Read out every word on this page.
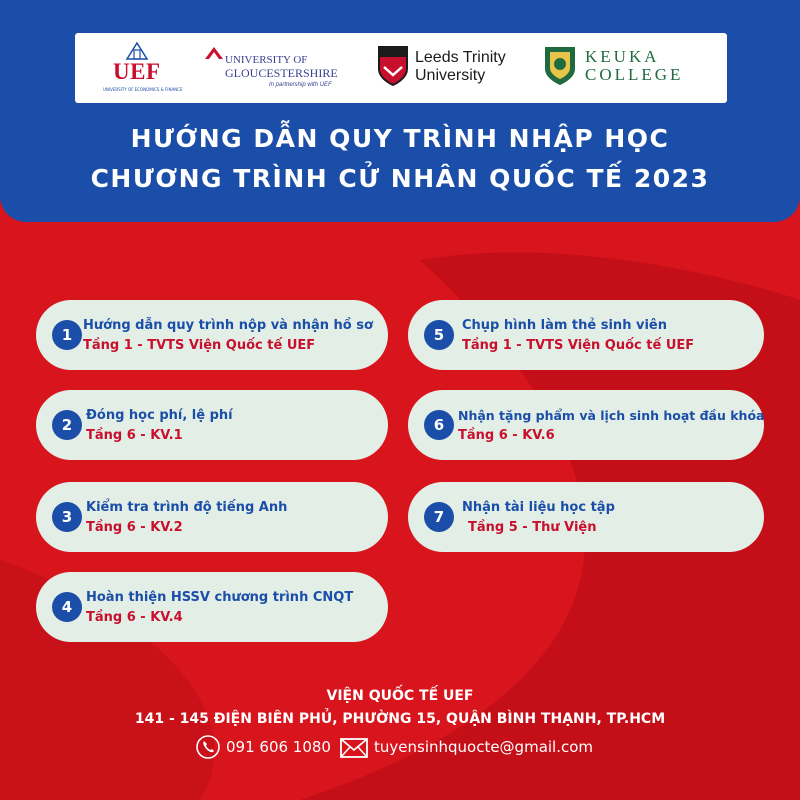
UEF
UNIVERSITY OF ECONOMICS & FINANCE
UNIVERSITY OF
GLOUCESTERSHIRE
In partnership with UEF
Leeds Trinity
University
KEUKA
COLLEGE
HƯỚNG DẪN QUY TRÌNH NHẬP HỌC
CHƯƠNG TRÌNH CỬ NHÂN QUỐC TẾ 2023
1
Hướng dẫn quy trình nộp và nhận hồ sơ
Tầng 1 - TVTS Viện Quốc tế UEF
2
Đóng học phí, lệ phí
Tầng 6 - KV.1
3
Kiểm tra trình độ tiếng Anh
Tầng 6 - KV.2
4
Hoàn thiện HSSV chương trình CNQT
Tầng 6 - KV.4
5
Chụp hình làm thẻ sinh viên
Tầng 1 - TVTS Viện Quốc tế UEF
6
Nhận tặng phẩm và lịch sinh hoạt đầu khóa
Tầng 6 - KV.6
7
Nhận tài liệu học tập
Tầng 5 - Thư Viện
VIỆN QUỐC TẾ UEF
141 - 145 ĐIỆN BIÊN PHỦ, PHƯỜNG 15, QUẬN BÌNH THẠNH, TP.HCM
091 606 1080	tuyensinhquocte@gmail.com
